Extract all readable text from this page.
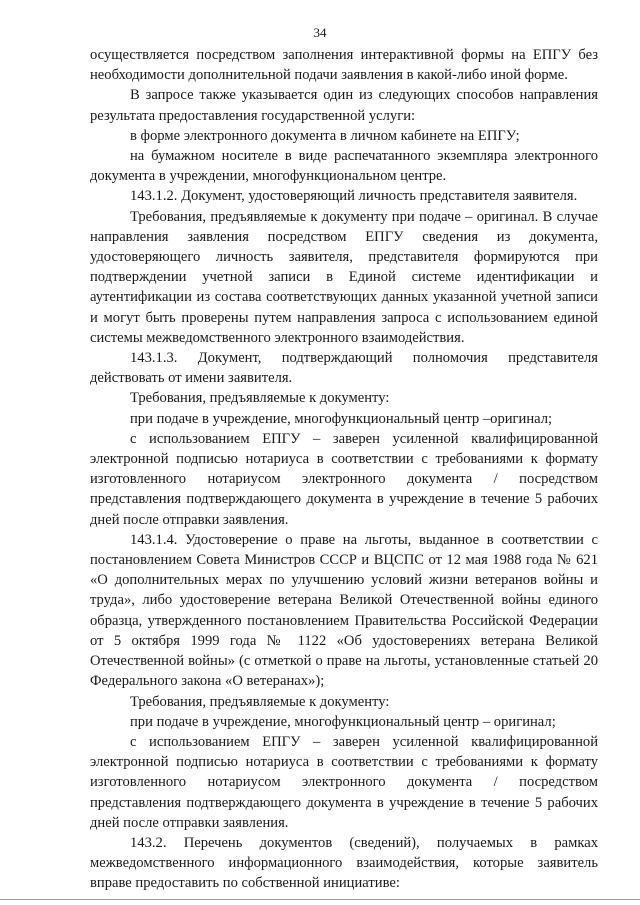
34

осуществляется посредством заполнения интерактивной формы на ЕПГУ без необходимости дополнительной подачи заявления в какой-либо иной форме.

В запросе также указывается один из следующих способов направления результата предоставления государственной услуги:

в форме электронного документа в личном кабинете на ЕПГУ;

на бумажном носителе в виде распечатанного экземпляра электронного документа в учреждении, многофункциональном центре.

143.1.2. Документ, удостоверяющий личность представителя заявителя.

Требования, предъявляемые к документу при подаче – оригинал. В случае направления заявления посредством ЕПГУ сведения из документа, удостоверяющего личность заявителя, представителя формируются при подтверждении учетной записи в Единой системе идентификации и аутентификации из состава соответствующих данных указанной учетной записи и могут быть проверены путем направления запроса с использованием единой системы межведомственного электронного взаимодействия.

143.1.3. Документ, подтверждающий полномочия представителя действовать от имени заявителя.

Требования, предъявляемые к документу:

при подаче в учреждение, многофункциональный центр –оригинал;

с использованием ЕПГУ – заверен усиленной квалифицированной электронной подписью нотариуса в соответствии с требованиями к формату изготовленного нотариусом электронного документа / посредством представления подтверждающего документа в учреждение в течение 5 рабочих дней после отправки заявления.

143.1.4. Удостоверение о праве на льготы, выданное в соответствии с постановлением Совета Министров СССР и ВЦСПС от 12 мая 1988 года № 621 «О дополнительных мерах по улучшению условий жизни ветеранов войны и труда», либо удостоверение ветерана Великой Отечественной войны единого образца, утвержденного постановлением Правительства Российской Федерации от 5 октября 1999 года № 1122 «Об удостоверениях ветерана Великой Отечественной войны» (с отметкой о праве на льготы, установленные статьей 20 Федерального закона «О ветеранах»);

Требования, предъявляемые к документу:

при подаче в учреждение, многофункциональный центр – оригинал;

с использованием ЕПГУ – заверен усиленной квалифицированной электронной подписью нотариуса в соответствии с требованиями к формату изготовленного нотариусом электронного документа / посредством представления подтверждающего документа в учреждение в течение 5 рабочих дней после отправки заявления.

143.2. Перечень документов (сведений), получаемых в рамках межведомственного информационного взаимодействия, которые заявитель вправе предоставить по собственной инициативе:
